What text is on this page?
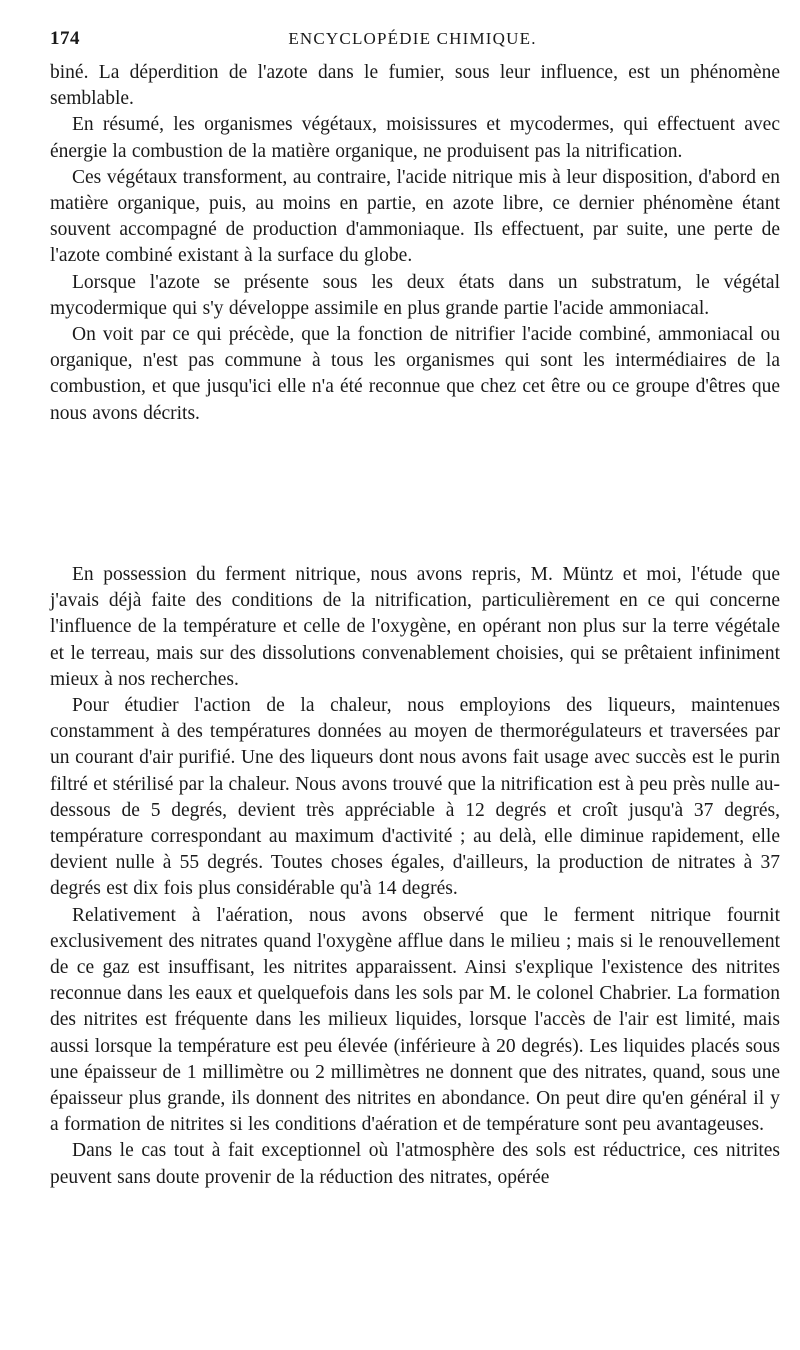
174	ENCYCLOPÉDIE CHIMIQUE.

biné. La déperdition de l'azote dans le fumier, sous leur influence, est un phénomène semblable.

En résumé, les organismes végétaux, moisissures et mycodermes, qui effectuent avec énergie la combustion de la matière organique, ne produisent pas la nitrification.

Ces végétaux transforment, au contraire, l'acide nitrique mis à leur disposition, d'abord en matière organique, puis, au moins en partie, en azote libre, ce dernier phénomène étant souvent accompagné de production d'ammoniaque. Ils effectuent, par suite, une perte de l'azote combiné existant à la surface du globe.

Lorsque l'azote se présente sous les deux états dans un substratum, le végétal mycodermique qui s'y développe assimile en plus grande partie l'acide ammoniacal.

On voit par ce qui précède, que la fonction de nitrifier l'acide combiné, ammoniacal ou organique, n'est pas commune à tous les organismes qui sont les intermédiaires de la combustion, et que jusqu'ici elle n'a été reconnue que chez cet être ou ce groupe d'êtres que nous avons décrits.

En possession du ferment nitrique, nous avons repris, M. Müntz et moi, l'étude que j'avais déjà faite des conditions de la nitrification, particulièrement en ce qui concerne l'influence de la température et celle de l'oxygène, en opérant non plus sur la terre végétale et le terreau, mais sur des dissolutions convenablement choisies, qui se prêtaient infiniment mieux à nos recherches.

Pour étudier l'action de la chaleur, nous employions des liqueurs, maintenues constamment à des températures données au moyen de thermorégulateurs et traversées par un courant d'air purifié. Une des liqueurs dont nous avons fait usage avec succès est le purin filtré et stérilisé par la chaleur. Nous avons trouvé que la nitrification est à peu près nulle au-dessous de 5 degrés, devient très appréciable à 12 degrés et croît jusqu'à 37 degrés, température correspondant au maximum d'activité ; au delà, elle diminue rapidement, elle devient nulle à 55 degrés. Toutes choses égales, d'ailleurs, la production de nitrates à 37 degrés est dix fois plus considérable qu'à 14 degrés.

Relativement à l'aération, nous avons observé que le ferment nitrique fournit exclusivement des nitrates quand l'oxygène afflue dans le milieu ; mais si le renouvellement de ce gaz est insuffisant, les nitrites apparaissent. Ainsi s'explique l'existence des nitrites reconnue dans les eaux et quelquefois dans les sols par M. le colonel Chabrier. La formation des nitrites est fréquente dans les milieux liquides, lorsque l'accès de l'air est limité, mais aussi lorsque la température est peu élevée (inférieure à 20 degrés). Les liquides placés sous une épaisseur de 1 millimètre ou 2 millimètres ne donnent que des nitrates, quand, sous une épaisseur plus grande, ils donnent des nitrites en abondance. On peut dire qu'en général il y a formation de nitrites si les conditions d'aération et de température sont peu avantageuses.

Dans le cas tout à fait exceptionnel où l'atmosphère des sols est réductrice, ces nitrites peuvent sans doute provenir de la réduction des nitrates, opérée
